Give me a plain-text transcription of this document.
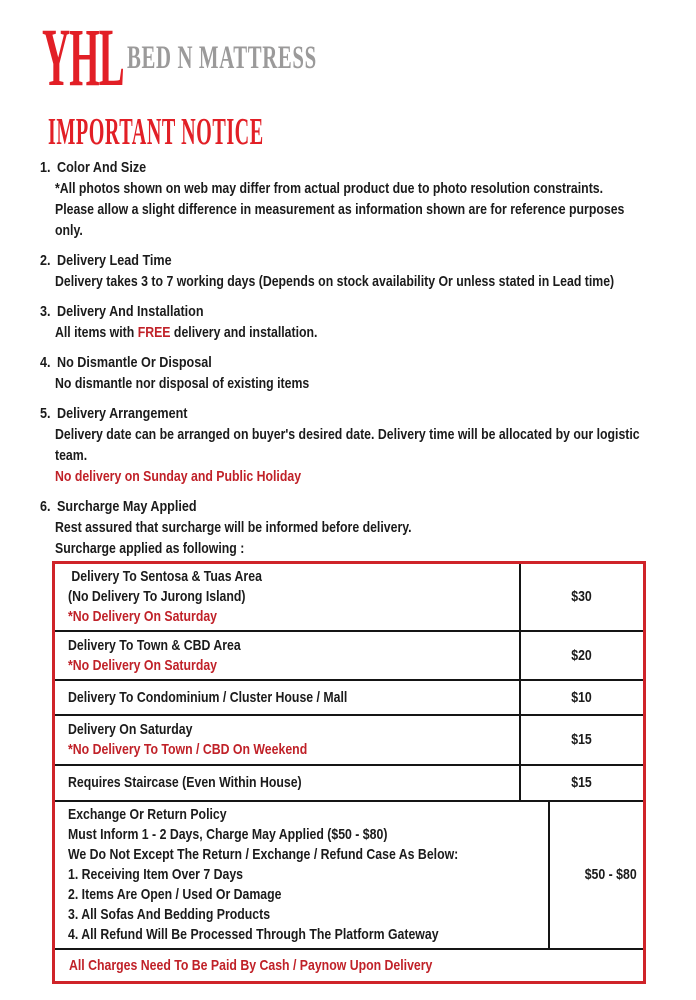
YHL BED N MATTRESS
IMPORTANT NOTICE
1. Color And Size
*All photos shown on web may differ from actual product due to photo resolution constraints.
Please allow a slight difference in measurement as information shown are for reference purposes
only.
2. Delivery Lead Time
Delivery takes 3 to 7 working days (Depends on stock availability Or unless stated in Lead time)
3. Delivery And Installation
All items with FREE delivery and installation.
4. No Dismantle Or Disposal
No dismantle nor disposal of existing items
5. Delivery Arrangement
Delivery date can be arranged on buyer's desired date. Delivery time will be allocated by our logistic
team.
No delivery on Sunday and Public Holiday
6. Surcharge May Applied
Rest assured that surcharge will be informed before delivery.
Surcharge applied as following :
Delivery To Sentosa & Tuas Area
(No Delivery To Jurong Island)
*No Delivery On Saturday
$30
Delivery To Town & CBD Area
*No Delivery On Saturday
$20
Delivery To Condominium / Cluster House / Mall	$10
Delivery On Saturday
*No Delivery To Town / CBD On Weekend
$15
Requires Staircase (Even Within House)	$15
Exchange Or Return Policy
Must Inform 1 - 2 Days, Charge May Applied ($50 - $80)
We Do Not Except The Return / Exchange / Refund Case As Below:
1. Receiving Item Over 7 Days
2. Items Are Open / Used Or Damage
3. All Sofas And Bedding Products
4. All Refund Will Be Processed Through The Platform Gateway
$50 - $80
All Charges Need To Be Paid By Cash / Paynow Upon Delivery
